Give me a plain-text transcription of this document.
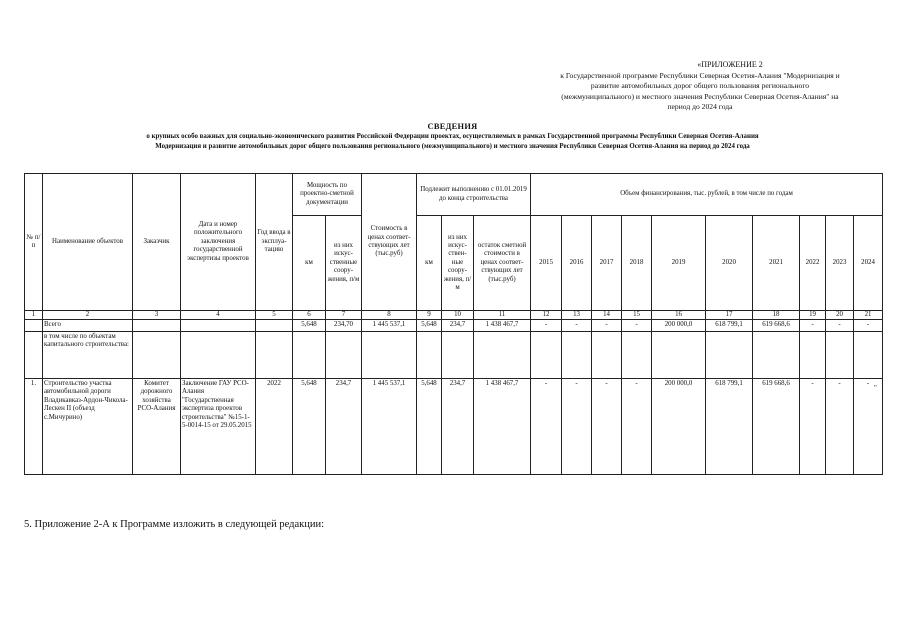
«ПРИЛОЖЕНИЕ 2
к Государственной программе Республики Северная Осетия-Алания "Модернизация и
развитие автомобильных дорог общего пользования регионального
(межмуниципального) и местного значения Республики Северная Осетия-Алания" на
период до 2024 года
СВЕДЕНИЯ
о крупных особо важных для социально-экономического развития Российской Федерации проектах, осуществляемых в рамках Государственной программы Республики Северная Осетия-Алания
Модернизация и развитие автомобильных дорог общего пользования регионального (межмуниципального) и местного значения Республики Северная Осетия-Алания на период до 2024 года
№ п/п	Наименование объектов	Заказчик	Дата и номер положительного заключения государственной экспертизы проектов	Год ввода в эксплуа-тацию	Мощность по проектно-сметной документации		Стоимость в ценах соответ-ствующих лет (тыс.руб)	Подлежит выполнению с 01.01.2019 до конца строительства			Объем финансирования, тыс. рублей, в том числе по годам									
					км	из них искус-ственные соору-жения, п/м		км	из них искус-ствен-ные соору-жения, п/м	остаток сметной стоимости в ценах соответ-ствующих лет (тыс.руб)	2015	2016	2017	2018	2019	2020	2021	2022	2023	2024
1	2	3	4	5	6	7	8	9	10	11	12	13	14	15	16	17	18	19	20	21
	Всего				5,648	234,70	1 445 537,1	5,648	234,7	1 438 467,7	-	-	-	-	200 000,0	618 799,1	619 668,6	-	-	-
	в том числе по объектам капитального строительства:																			
1.	Строительство участка автомобильной дороги Владикавказ-Ардон-Чикола-Лескен II (объезд с.Мичурино)	Комитет дорожного хозяйства РСО-Алания	Заключение ГАУ РСО-Алания "Государственная экспертиза проектов строительства" №15-1-5-0014-15 от 29.05.2015	2022	5,648	234,7	1 445 537,1	5,648	234,7	1 438 467,7	-	-	-	-	200 000,0	618 799,1	619 668,6	-	-	-
"
5. Приложение 2-А к Программе изложить в следующей редакции:
